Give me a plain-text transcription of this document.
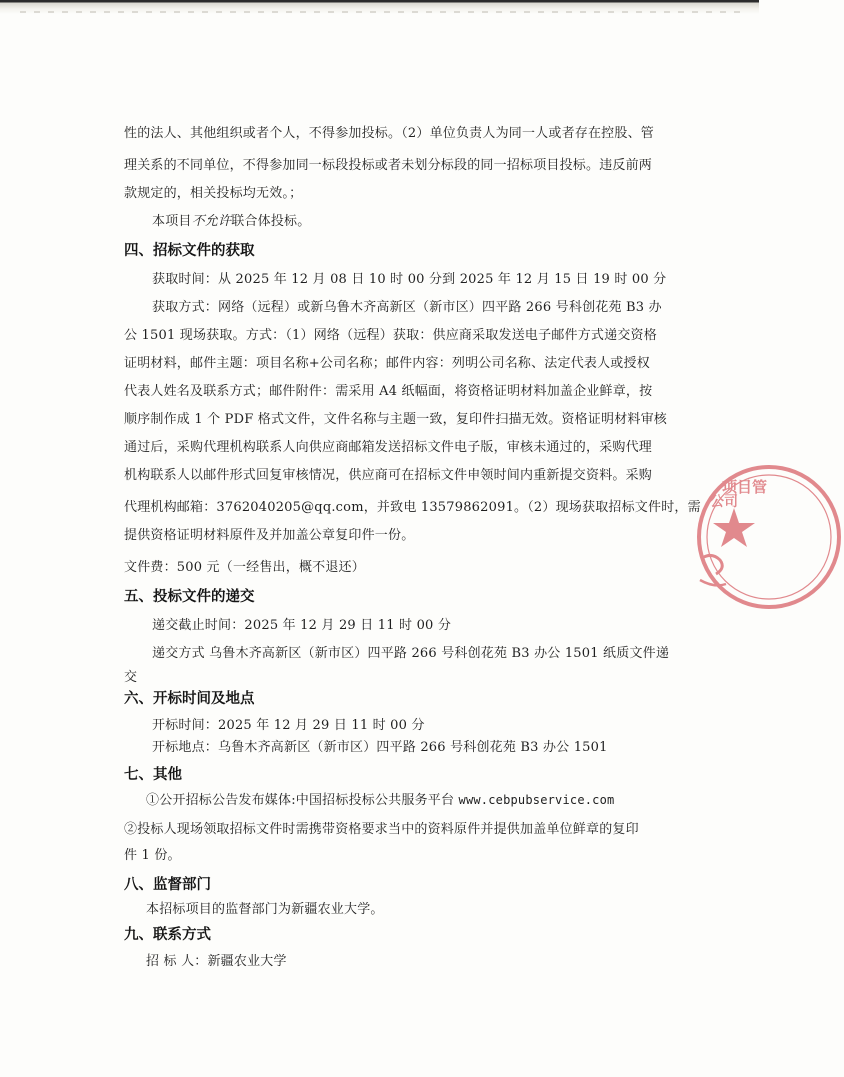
性的法人、其他组织或者个人，不得参加投标。（2）单位负责人为同一人或者存在控股、管
理关系的不同单位，不得参加同一标段投标或者未划分标段的同一招标项目投标。违反前两
款规定的，相关投标均无效。；
本项目不允许联合体投标。
四、招标文件的获取
获取时间：从 2025 年 12 月 08 日 10 时 00 分到 2025 年 12 月 15 日 19 时 00 分
获取方式：网络（远程）或新乌鲁木齐高新区（新市区）四平路 266 号科创花苑 B3 办
公 1501 现场获取。方式：（1）网络（远程）获取：供应商采取发送电子邮件方式递交资格
证明材料，邮件主题：项目名称+公司名称；邮件内容：列明公司名称、法定代表人或授权
代表人姓名及联系方式；邮件附件：需采用 A4 纸幅面，将资格证明材料加盖企业鲜章，按
顺序制作成 1 个 PDF 格式文件，文件名称与主题一致，复印件扫描无效。资格证明材料审核
通过后，采购代理机构联系人向供应商邮箱发送招标文件电子版，审核未通过的，采购代理
机构联系人以邮件形式回复审核情况，供应商可在招标文件申领时间内重新提交资料。采购
代理机构邮箱：3762040205@qq.com，并致电 13579862091。（2）现场获取招标文件时，需
提供资格证明材料原件及并加盖公章复印件一份。
文件费：500 元（一经售出，概不退还）
五、投标文件的递交
递交截止时间：2025 年 12 月 29 日 11 时 00 分
递交方式 乌鲁木齐高新区（新市区）四平路 266 号科创花苑 B3 办公 1501 纸质文件递
交
六、开标时间及地点
开标时间：2025 年 12 月 29 日 11 时 00 分
开标地点：乌鲁木齐高新区（新市区）四平路 266 号科创花苑 B3 办公 1501
七、其他
①公开招标公告发布媒体:中国招标投标公共服务平台 www.cebpubservice.com
②投标人现场领取招标文件时需携带资格要求当中的资料原件并提供加盖单位鲜章的复印
件 1 份。
八、监督部门
本招标项目的监督部门为新疆农业大学。
九、联系方式
招 标 人：新疆农业大学
项目管
公司
